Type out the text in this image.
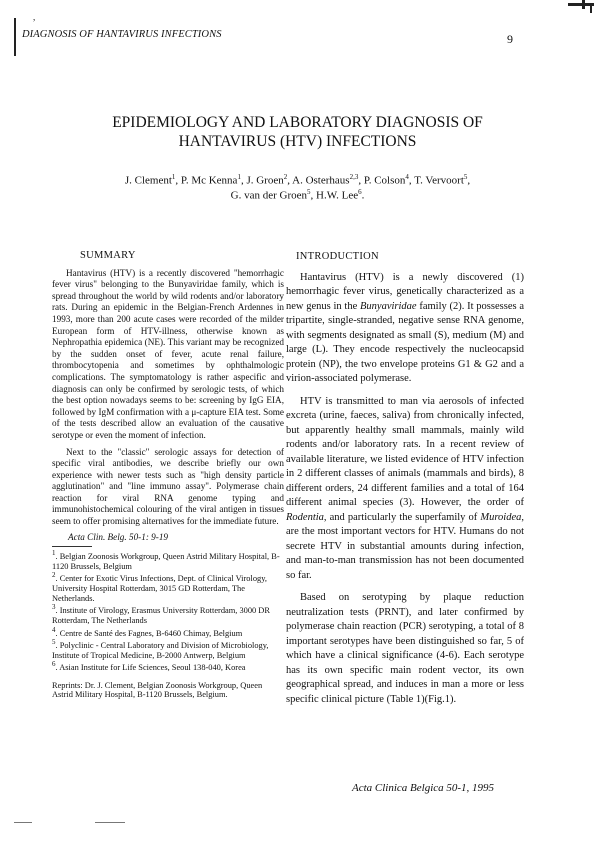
,
DIAGNOSIS OF HANTAVIRUS INFECTIONS	9
EPIDEMIOLOGY AND LABORATORY DIAGNOSIS OF
HANTAVIRUS (HTV) INFECTIONS
J. Clement$^1$, P. Mc Kenna$^1$, J. Groen$^2$, A. Osterhaus$^{2,3}$, P. Colson$^4$, T. Vervoort$^5$,
G. van der Groen$^5$, H.W. Lee$^6$.
SUMMARY

Hantavirus (HTV) is a recently discovered "hemorrhagic fever virus" belonging to the Bunyaviridae family, which is spread throughout the world by wild rodents and/or laboratory rats. During an epidemic in the Belgian-French Ardennes in 1993, more than 200 acute cases were recorded of the milder European form of HTV-illness, otherwise known as Nephropathia epidemica (NE). This variant may be recognized by the sudden onset of fever, acute renal failure, thrombocytopenia and sometimes by ophthalmologic complications. The symptomatology is rather aspecific and diagnosis can only be confirmed by serologic tests, of which the best option nowadays seems to be: screening by IgG EIA, followed by IgM confirmation with a μ-capture EIA test. Some of the tests described allow an evaluation of the causative serotype or even the moment of infection.

Next to the "classic" serologic assays for detection of specific viral antibodies, we describe briefly our own experience with newer tests such as "high density particle agglutination" and "line immuno assay". Polymerase chain reaction for viral RNA genome typing and immunohistochemical colouring of the viral antigen in tissues seem to offer promising alternatives for the immediate future.

Acta Clin. Belg. 50-1: 9-19

$^1$. Belgian Zoonosis Workgroup, Queen Astrid Military Hospital, B-1120 Brussels, Belgium

$^2$. Center for Exotic Virus Infections, Dept. of Clinical Virology, University Hospital Rotterdam, 3015 GD Rotterdam, The Netherlands.

$^3$. Institute of Virology, Erasmus University Rotterdam, 3000 DR Rotterdam, The Netherlands

$^4$. Centre de Santé des Fagnes, B-6460 Chimay, Belgium

$^5$. Polyclinic - Central Laboratory and Division of Microbiology, Institute of Tropical Medicine, B-2000 Antwerp, Belgium

$^6$. Asian Institute for Life Sciences, Seoul 138-040, Korea

Reprints: Dr. J. Clement, Belgian Zoonosis Workgroup, Queen Astrid Military Hospital, B-1120 Brussels, Belgium.
INTRODUCTION

Hantavirus (HTV) is a newly discovered (1) hemorrhagic fever virus, genetically characterized as a new genus in the Bunyaviridae family (2). It possesses a tripartite, single-stranded, negative sense RNA genome, with segments designated as small (S), medium (M) and large (L). They encode respectively the nucleocapsid protein (NP), the two envelope proteins G1 & G2 and a virion-associated polymerase.

HTV is transmitted to man via aerosols of infected excreta (urine, faeces, saliva) from chronically infected, but apparently healthy small mammals, mainly wild rodents and/or laboratory rats. In a recent review of available literature, we listed evidence of HTV infection in 2 different classes of animals (mammals and birds), 8 different orders, 24 different families and a total of 164 different animal species (3). However, the order of Rodentia, and particularly the superfamily of Muroidea, are the most important vectors for HTV. Humans do not secrete HTV in substantial amounts during infection, and man-to-man transmission has not been documented so far.

Based on serotyping by plaque reduction neutralization tests (PRNT), and later confirmed by polymerase chain reaction (PCR) serotyping, a total of 8 important serotypes have been distinguished so far, 5 of which have a clinical significance (4-6). Each serotype has its own specific main rodent vector, its own geographical spread, and induces in man a more or less specific clinical picture (Table 1)(Fig.1).

Acta Clinica Belgica 50-1, 1995
